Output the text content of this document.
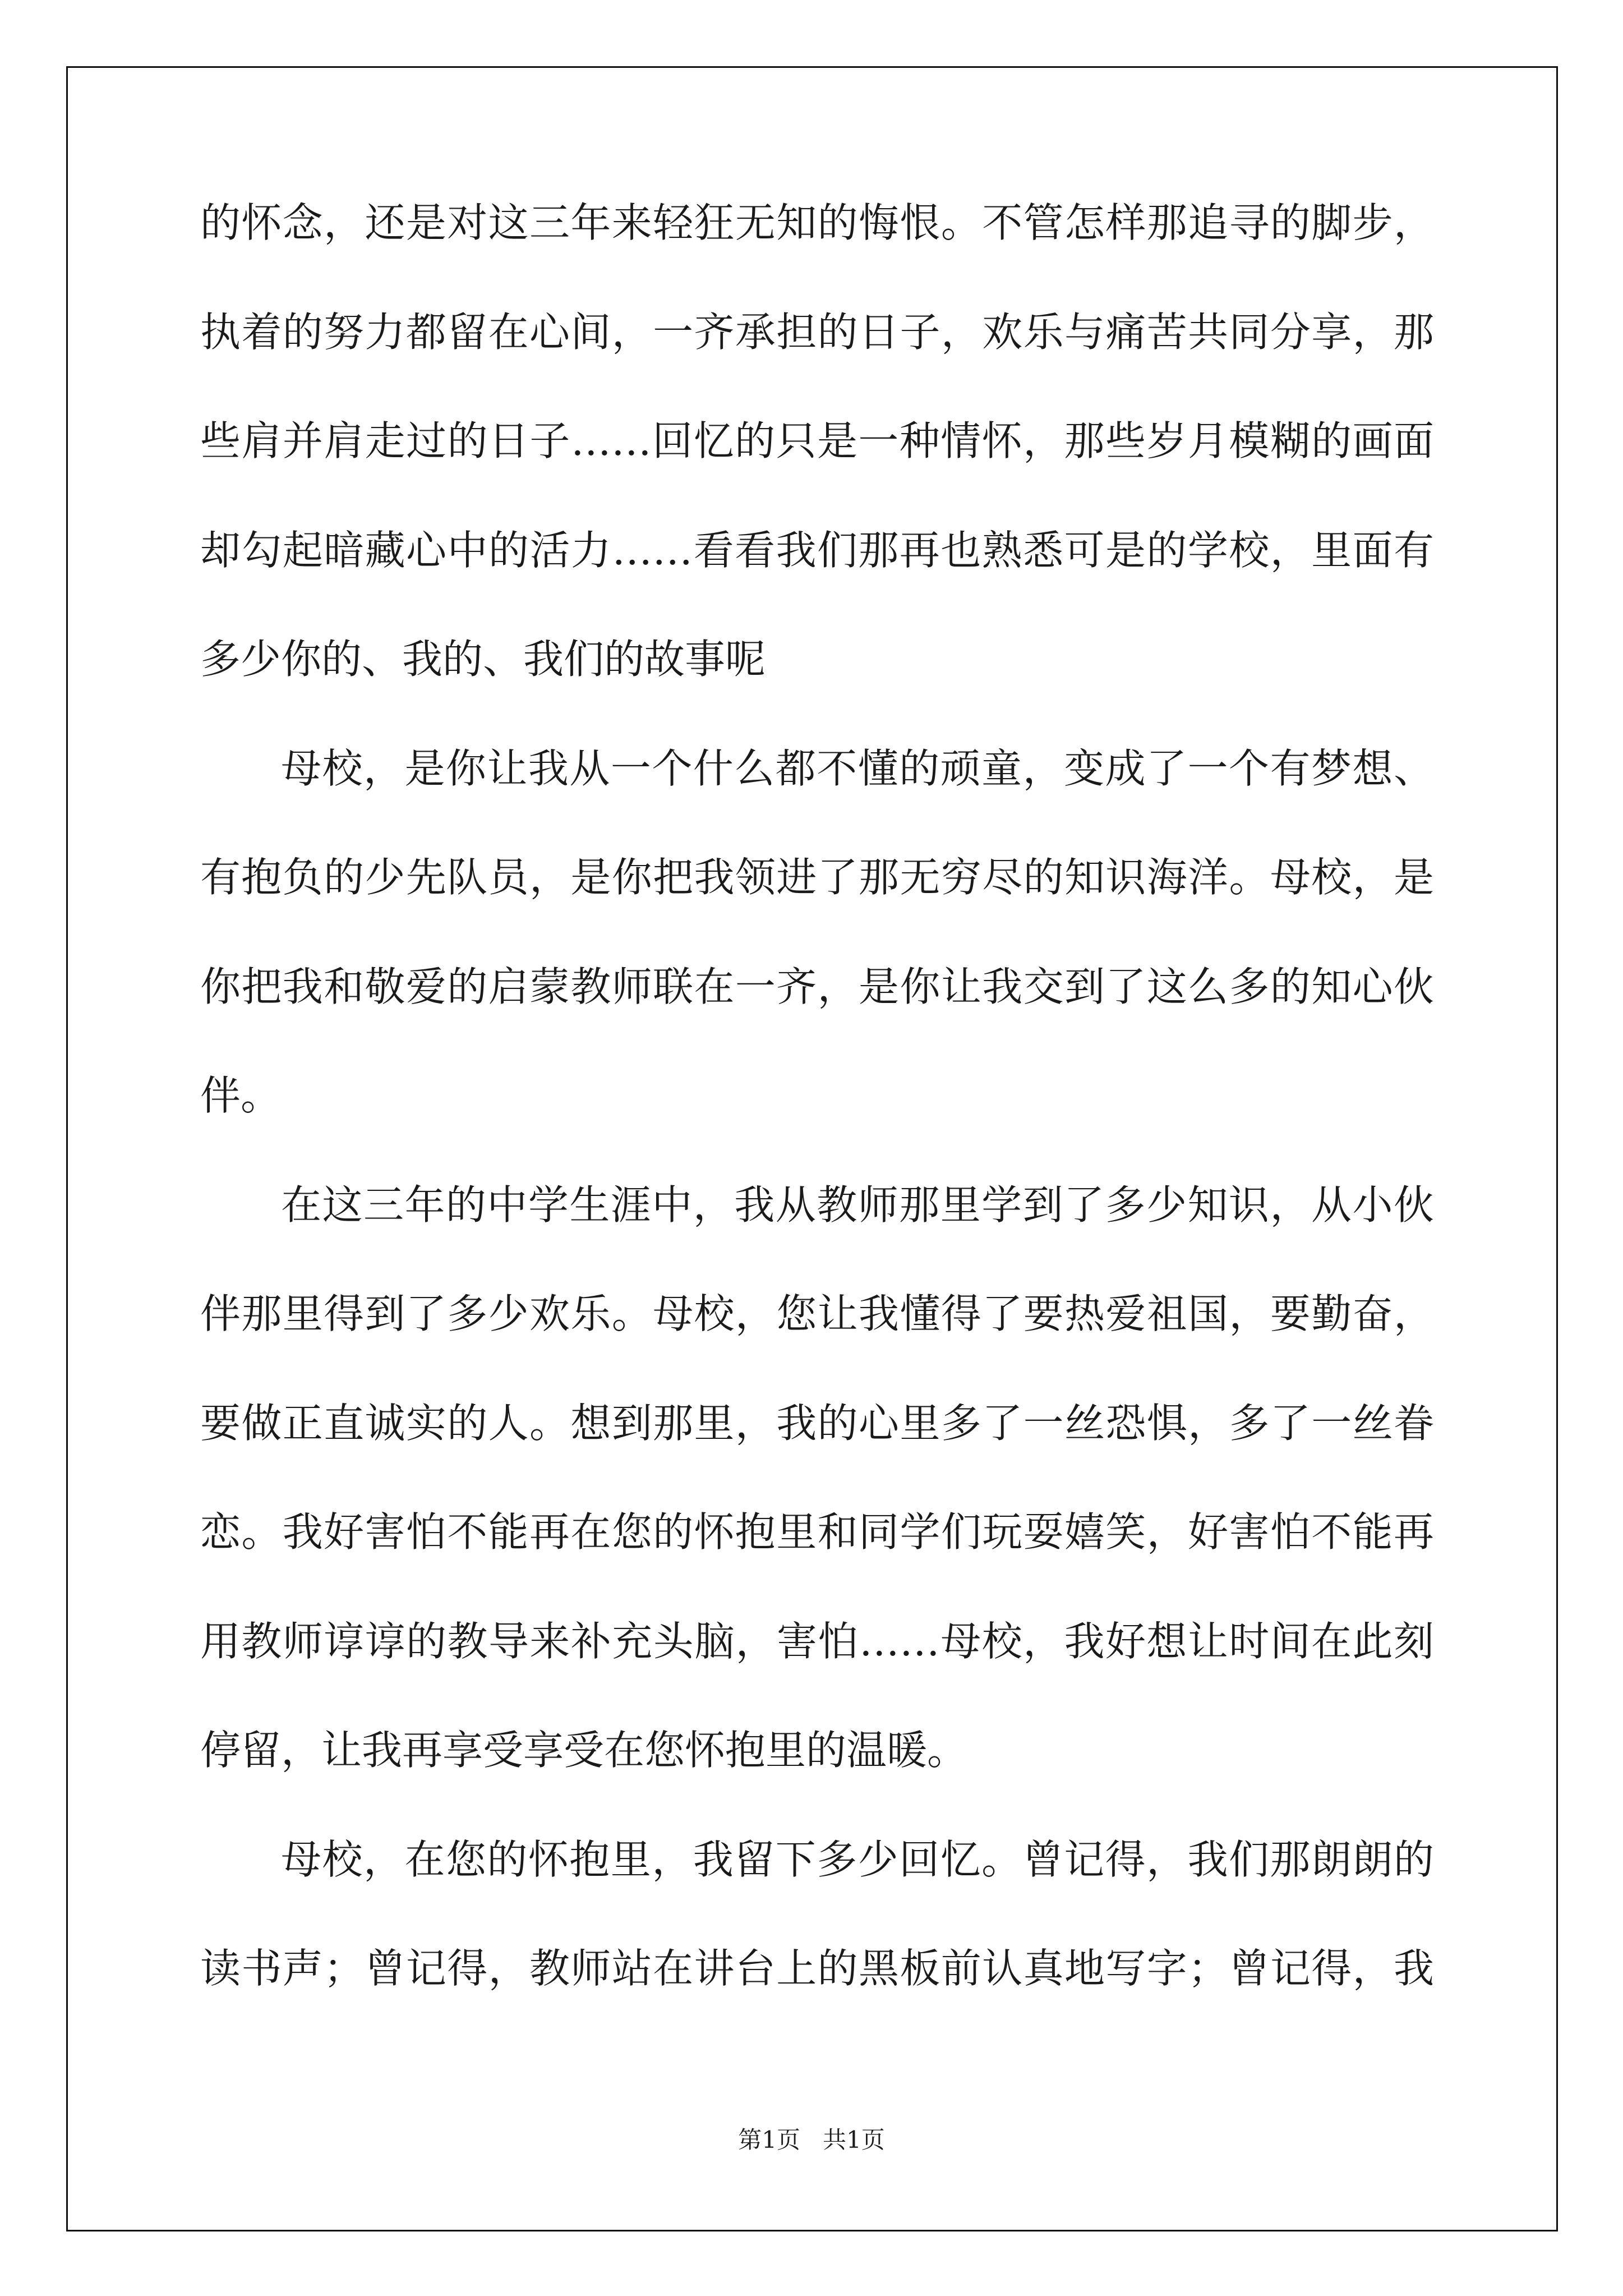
的怀念，还是对这三年来轻狂无知的悔恨。不管怎样那追寻的脚步，
执着的努力都留在心间，一齐承担的日子，欢乐与痛苦共同分享，那
些肩并肩走过的日子……回忆的只是一种情怀，那些岁月模糊的画面
却勾起暗藏心中的活力……看看我们那再也熟悉可是的学校，里面有
多少你的、我的、我们的故事呢
母校，是你让我从一个什么都不懂的顽童，变成了一个有梦想、
有抱负的少先队员，是你把我领进了那无穷尽的知识海洋。母校，是
你把我和敬爱的启蒙教师联在一齐，是你让我交到了这么多的知心伙
伴。
在这三年的中学生涯中，我从教师那里学到了多少知识，从小伙
伴那里得到了多少欢乐。母校，您让我懂得了要热爱祖国，要勤奋，
要做正直诚实的人。想到那里，我的心里多了一丝恐惧，多了一丝眷
恋。我好害怕不能再在您的怀抱里和同学们玩耍嬉笑，好害怕不能再
用教师谆谆的教导来补充头脑，害怕……母校，我好想让时间在此刻
停留，让我再享受享受在您怀抱里的温暖。
母校，在您的怀抱里，我留下多少回忆。曾记得，我们那朗朗的
读书声；曾记得，教师站在讲台上的黑板前认真地写字；曾记得，我
第1页   共1页
